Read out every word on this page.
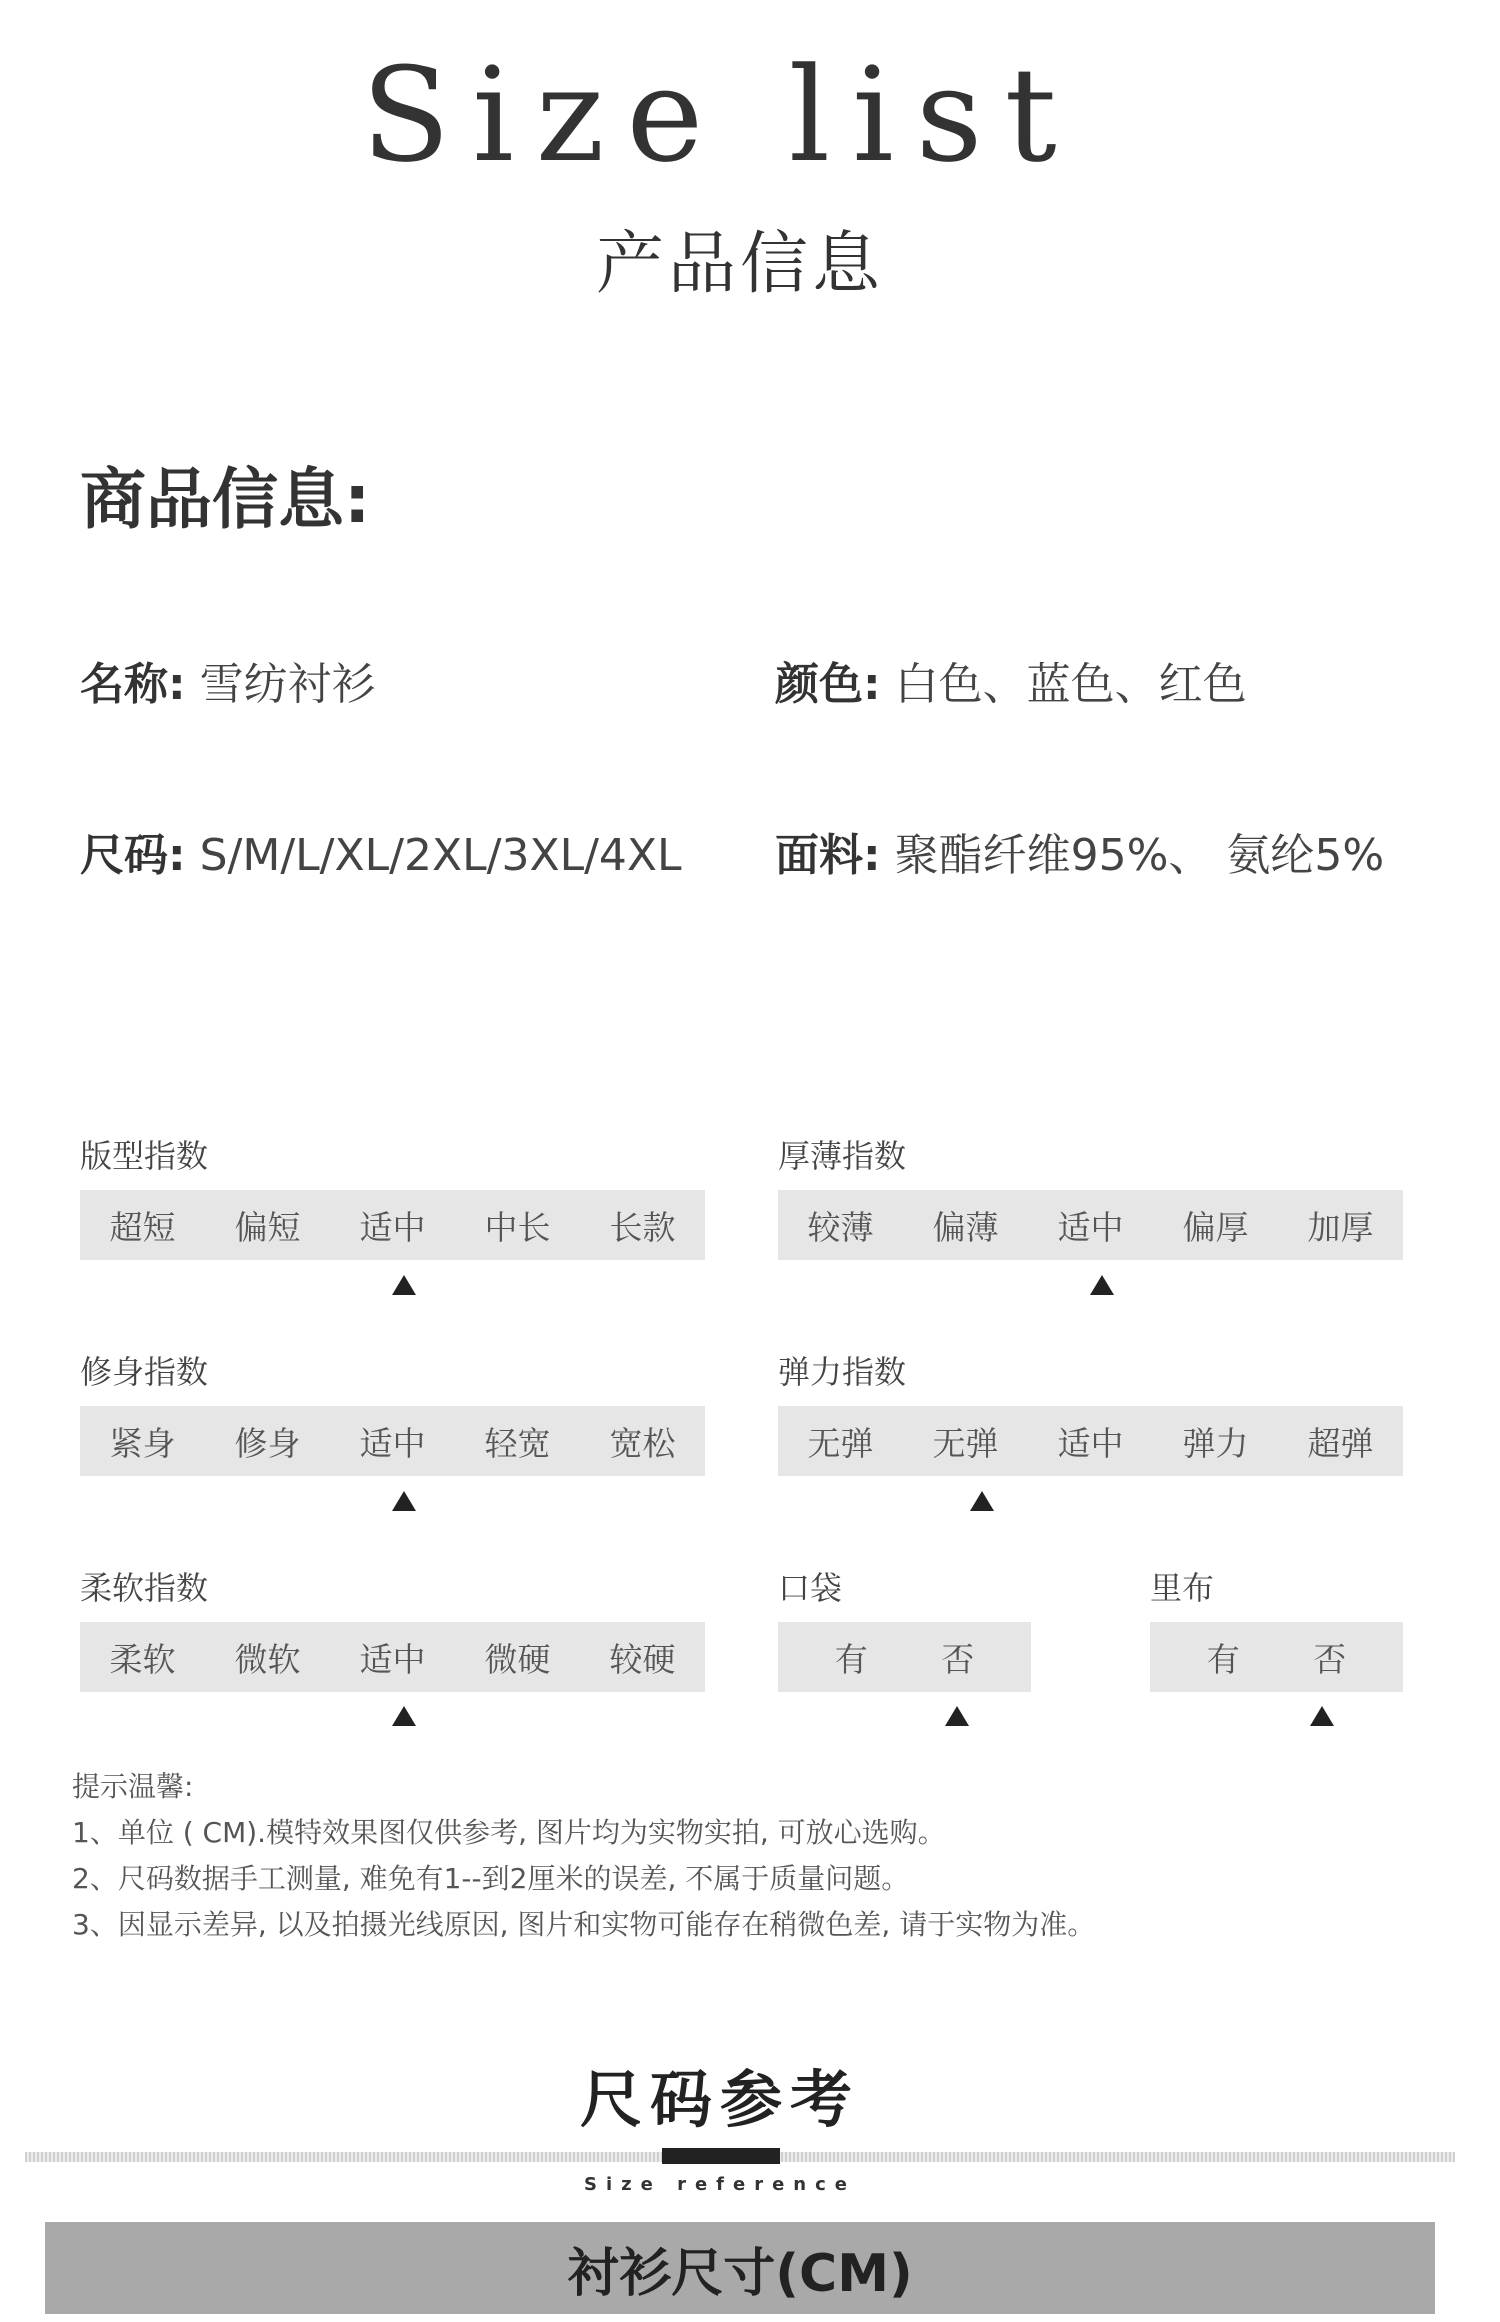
Size list
产品信息
商品信息:
名称: 雪纺衬衫	颜色: 白色、蓝色、红色
尺码: S/M/L/XL/2XL/3XL/4XL 面料: 聚酯纤维95%、 氨纶5%
版型指数
超短	偏短	适中	中长	长款
厚薄指数
较薄	偏薄	适中	偏厚	加厚
修身指数
紧身	修身	适中	轻宽	宽松
弹力指数
无弹	无弹	适中	弹力	超弹
柔软指数
柔软	微软	适中	微硬	较硬
口袋
有	否
里布
有	否
提示温馨:
1、单位 ( CM).模特效果图仅供参考, 图片均为实物实拍, 可放心选购。
2、尺码数据手工测量, 难免有1--到2厘米的误差, 不属于质量问题。
3、因显示差异, 以及拍摄光线原因, 图片和实物可能存在稍微色差, 请于实物为准。
尺码参考
Size reference
衬衫尺寸(CM)
